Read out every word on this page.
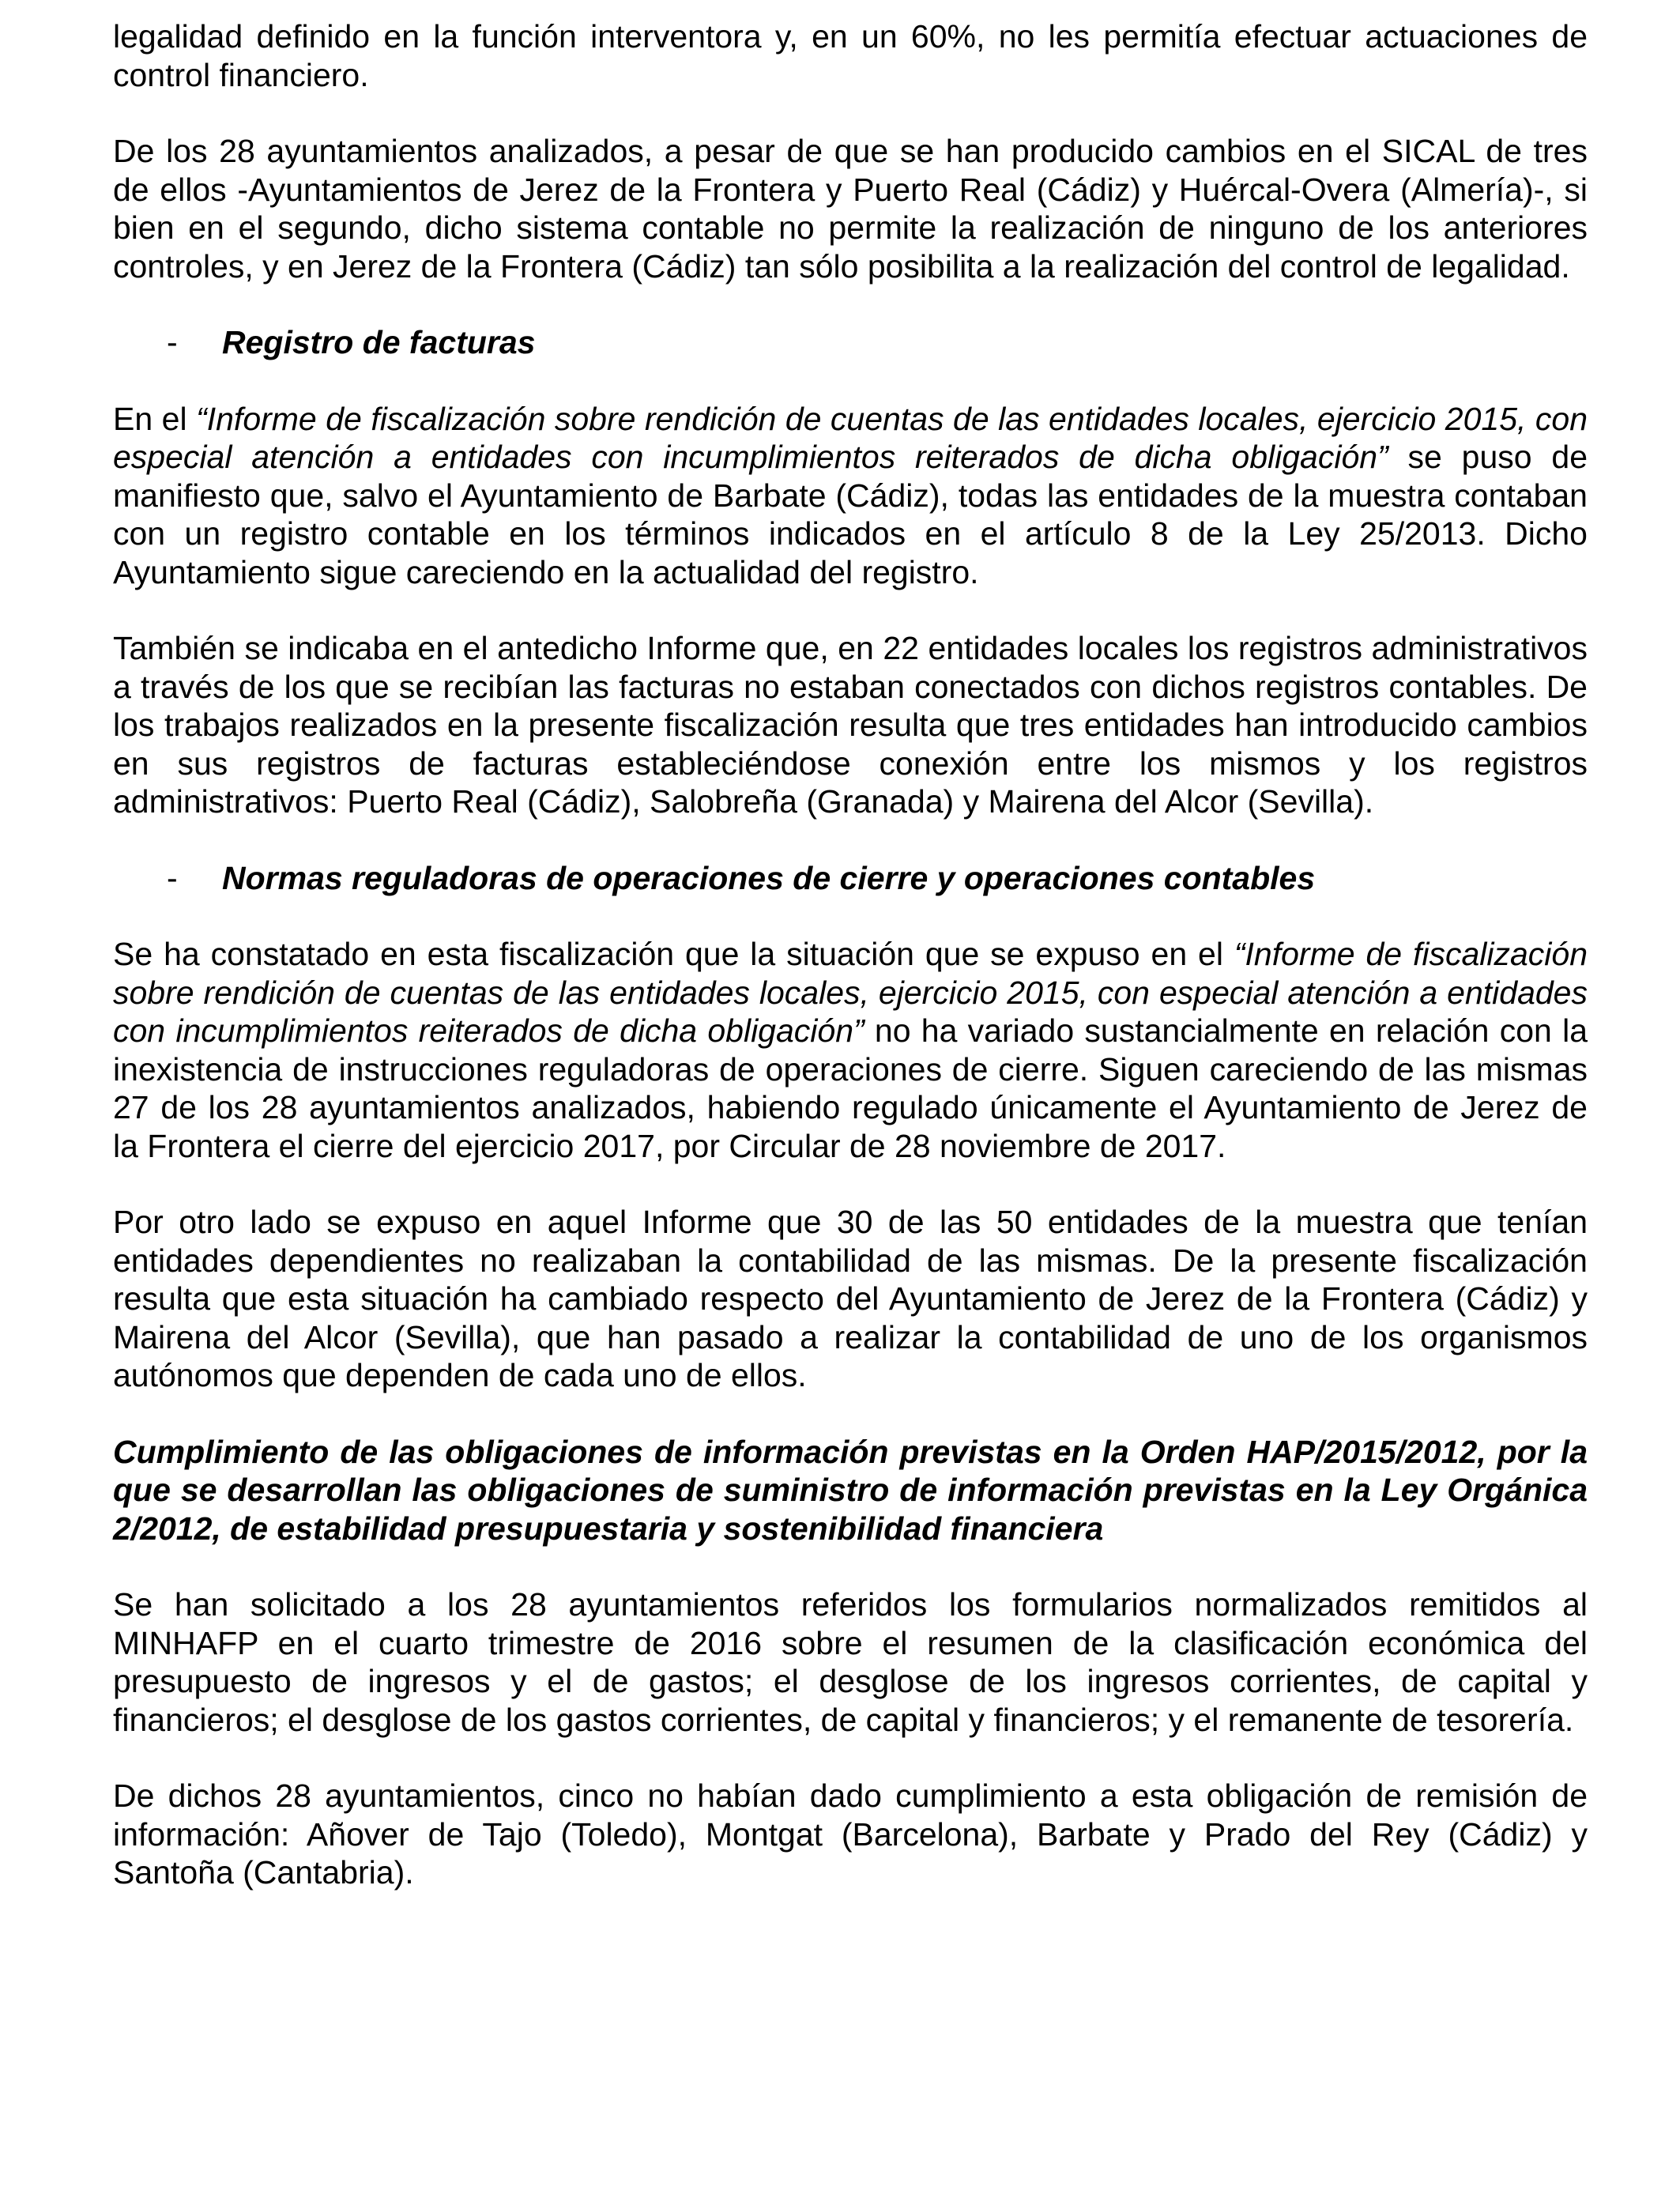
legalidad definido en la función interventora y, en un 60%, no les permitía efectuar actuaciones de control financiero.

De los 28 ayuntamientos analizados, a pesar de que se han producido cambios en el SICAL de tres de ellos -Ayuntamientos de Jerez de la Frontera y Puerto Real (Cádiz) y Huércal-Overa (Almería)-, si bien en el segundo, dicho sistema contable no permite la realización de ninguno de los anteriores controles, y en Jerez de la Frontera (Cádiz) tan sólo posibilita a la realización del control de legalidad.

-	Registro de facturas

En el “Informe de fiscalización sobre rendición de cuentas de las entidades locales, ejercicio 2015, con especial atención a entidades con incumplimientos reiterados de dicha obligación” se puso de manifiesto que, salvo el Ayuntamiento de Barbate (Cádiz), todas las entidades de la muestra contaban con un registro contable en los términos indicados en el artículo 8 de la Ley 25/2013. Dicho Ayuntamiento sigue careciendo en la actualidad del registro.

También se indicaba en el antedicho Informe que, en 22 entidades locales los registros administrativos a través de los que se recibían las facturas no estaban conectados con dichos registros contables. De los trabajos realizados en la presente fiscalización resulta que tres entidades han introducido cambios en sus registros de facturas estableciéndose conexión entre los mismos y los registros administrativos: Puerto Real (Cádiz), Salobreña (Granada) y Mairena del Alcor (Sevilla).

-	Normas reguladoras de operaciones de cierre y operaciones contables

Se ha constatado en esta fiscalización que la situación que se expuso en el “Informe de fiscalización sobre rendición de cuentas de las entidades locales, ejercicio 2015, con especial atención a entidades con incumplimientos reiterados de dicha obligación” no ha variado sustancialmente en relación con la inexistencia de instrucciones reguladoras de operaciones de cierre. Siguen careciendo de las mismas 27 de los 28 ayuntamientos analizados, habiendo regulado únicamente el Ayuntamiento de Jerez de la Frontera el cierre del ejercicio 2017, por Circular de 28 noviembre de 2017.

Por otro lado se expuso en aquel Informe que 30 de las 50 entidades de la muestra que tenían entidades dependientes no realizaban la contabilidad de las mismas. De la presente fiscalización resulta que esta situación ha cambiado respecto del Ayuntamiento de Jerez de la Frontera (Cádiz) y Mairena del Alcor (Sevilla), que han pasado a realizar la contabilidad de uno de los organismos autónomos que dependen de cada uno de ellos.

Cumplimiento de las obligaciones de información previstas en la Orden HAP/2015/2012, por la que se desarrollan las obligaciones de suministro de información previstas en la Ley Orgánica 2/2012, de estabilidad presupuestaria y sostenibilidad financiera

Se han solicitado a los 28 ayuntamientos referidos los formularios normalizados remitidos al MINHAFP en el cuarto trimestre de 2016 sobre el resumen de la clasificación económica del presupuesto de ingresos y el de gastos; el desglose de los ingresos corrientes, de capital y financieros; el desglose de los gastos corrientes, de capital y financieros; y el remanente de tesorería.

De dichos 28 ayuntamientos, cinco no habían dado cumplimiento a esta obligación de remisión de información: Añover de Tajo (Toledo), Montgat (Barcelona), Barbate y Prado del Rey (Cádiz) y Santoña (Cantabria).
